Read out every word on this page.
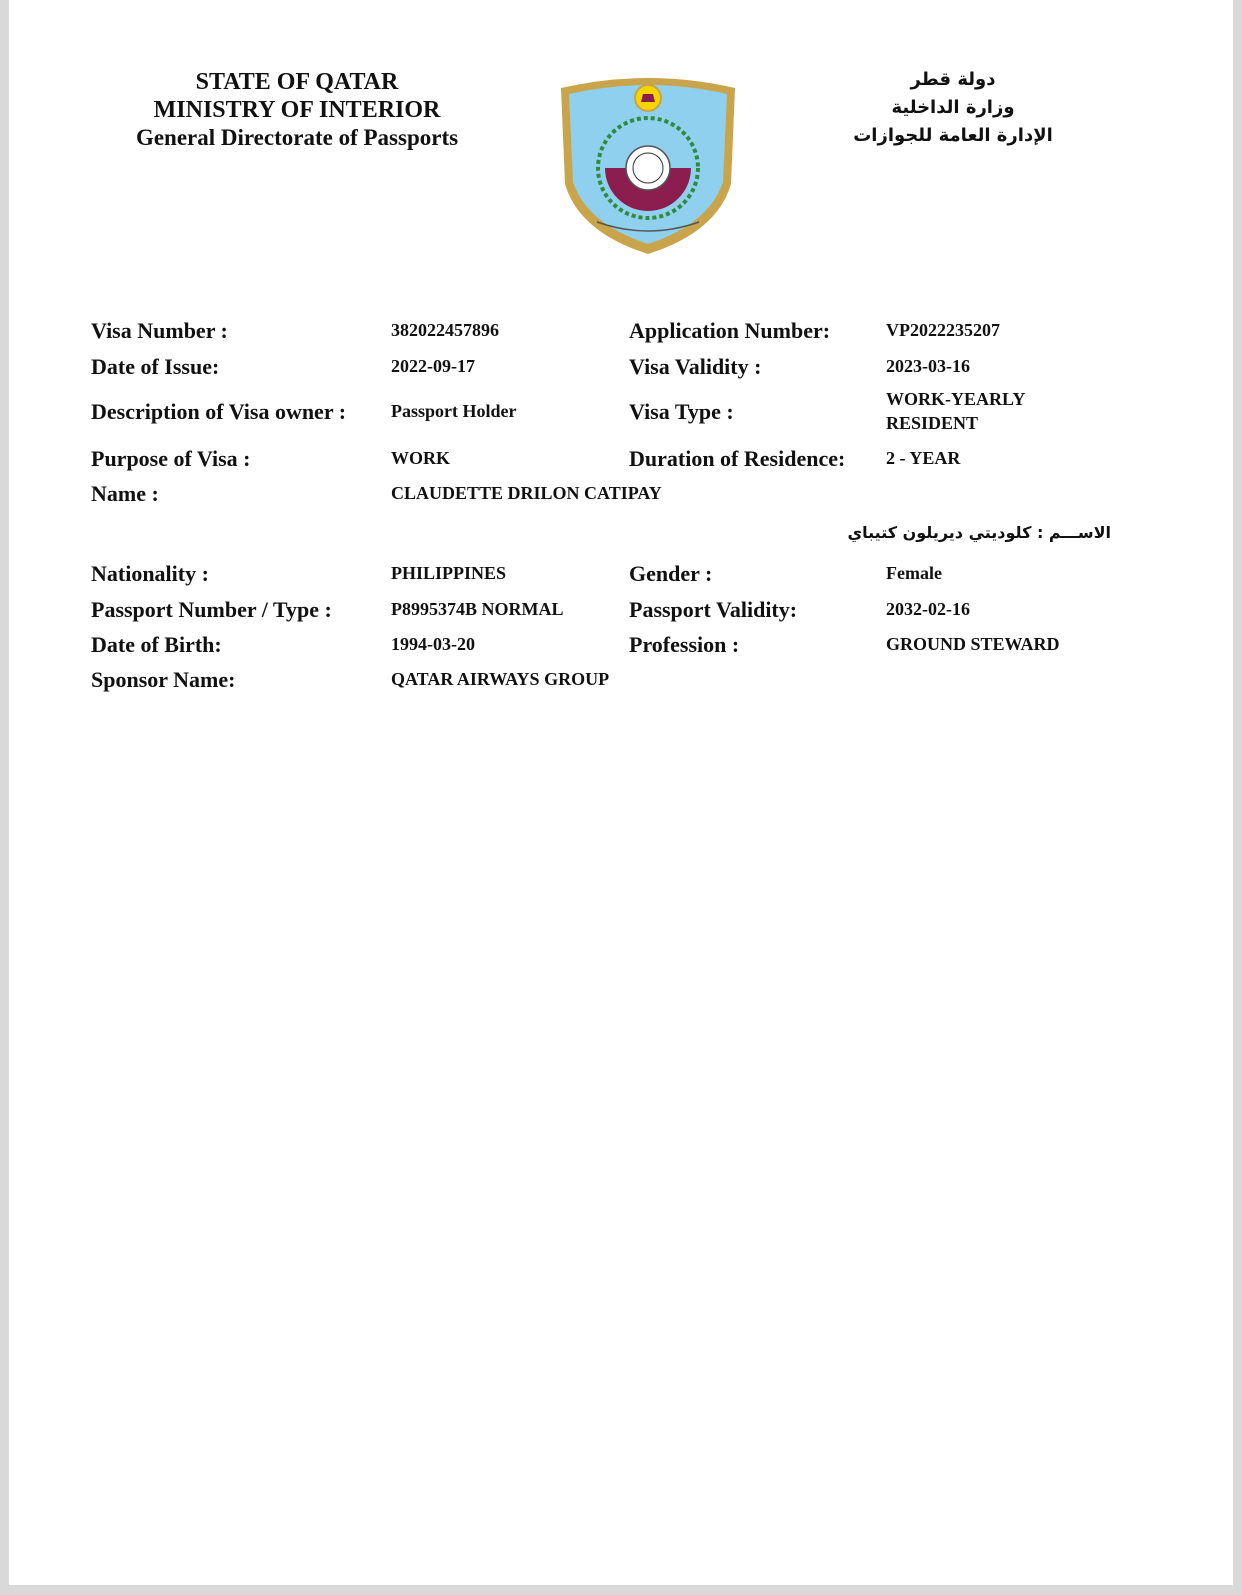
STATE OF QATAR
MINISTRY OF INTERIOR
General Directorate of Passports
دولة قطر
وزارة الداخلية
الإدارة العامة للجوازات
Visa Number :	382022457896	Application Number:	VP2022235207
Date of Issue:	2022-09-17	Visa Validity :	2023-03-16
Description of Visa owner : Passport Holder	Visa Type :	WORK-YEARLY RESIDENT
Purpose of Visa :	WORK	Duration of Residence: 2 - YEAR
Name :	CLAUDETTE DRILON CATIPAY
الاســـم : كلوديتي ديريلون كتيباي
Nationality :	PHILIPPINES	Gender :	Female
Passport Number / Type :	P8995374B NORMAL	Passport Validity:	2032-02-16
Date of Birth:	1994-03-20	Profession :	GROUND STEWARD
Sponsor Name:	QATAR AIRWAYS GROUP
